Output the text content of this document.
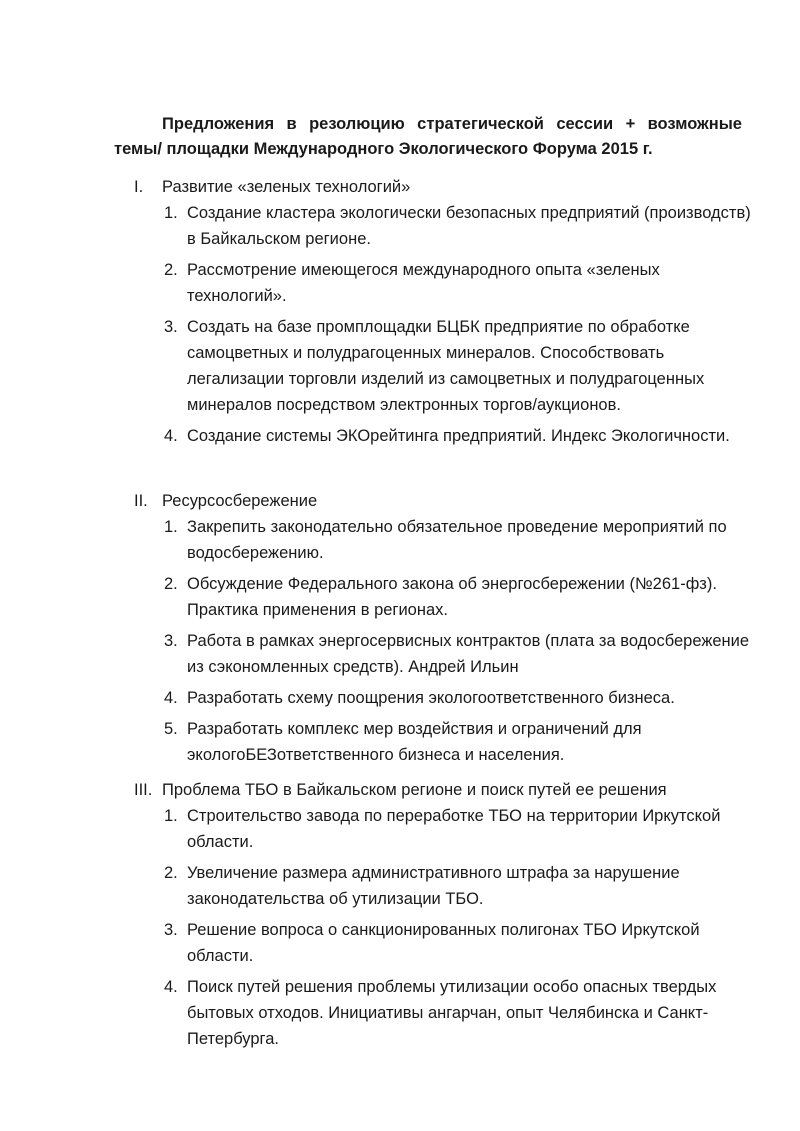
Предложения в резолюцию стратегической сессии + возможные
темы/ площадки Международного Экологического Форума 2015 г.
I.	Развитие «зеленых технологий»
1. Создание кластера экологически безопасных предприятий (производств) в Байкальском регионе.
2. Рассмотрение имеющегося международного опыта «зеленых технологий».
3. Создать на базе промплощадки БЦБК предприятие по обработке самоцветных и полудрагоценных минералов. Способствовать легализации торговли изделий из самоцветных и полудрагоценных минералов посредством электронных торгов/аукционов.
4. Создание системы ЭКОрейтинга предприятий. Индекс Экологичности.
II. Ресурсосбережение
1. Закрепить законодательно обязательное проведение мероприятий по водосбережению.
2. Обсуждение Федерального закона об энергосбережении (№261-фз). Практика применения в регионах.
3. Работа в рамках энергосервисных контрактов (плата за водосбережение из сэкономленных средств). Андрей Ильин
4. Разработать схему поощрения экологоответственного бизнеса.
5. Разработать комплекс мер воздействия и ограничений для экологоБЕЗответственного бизнеса и населения.
III. Проблема ТБО в Байкальском регионе и поиск путей ее решения
1. Строительство завода по переработке ТБО на территории Иркутской области.
2. Увеличение размера административного штрафа за нарушение законодательства об утилизации ТБО.
3. Решение вопроса о санкционированных полигонах ТБО Иркутской области.
4. Поиск путей решения проблемы утилизации особо опасных твердых бытовых отходов. Инициативы ангарчан, опыт Челябинска и Санкт-Петербурга.
